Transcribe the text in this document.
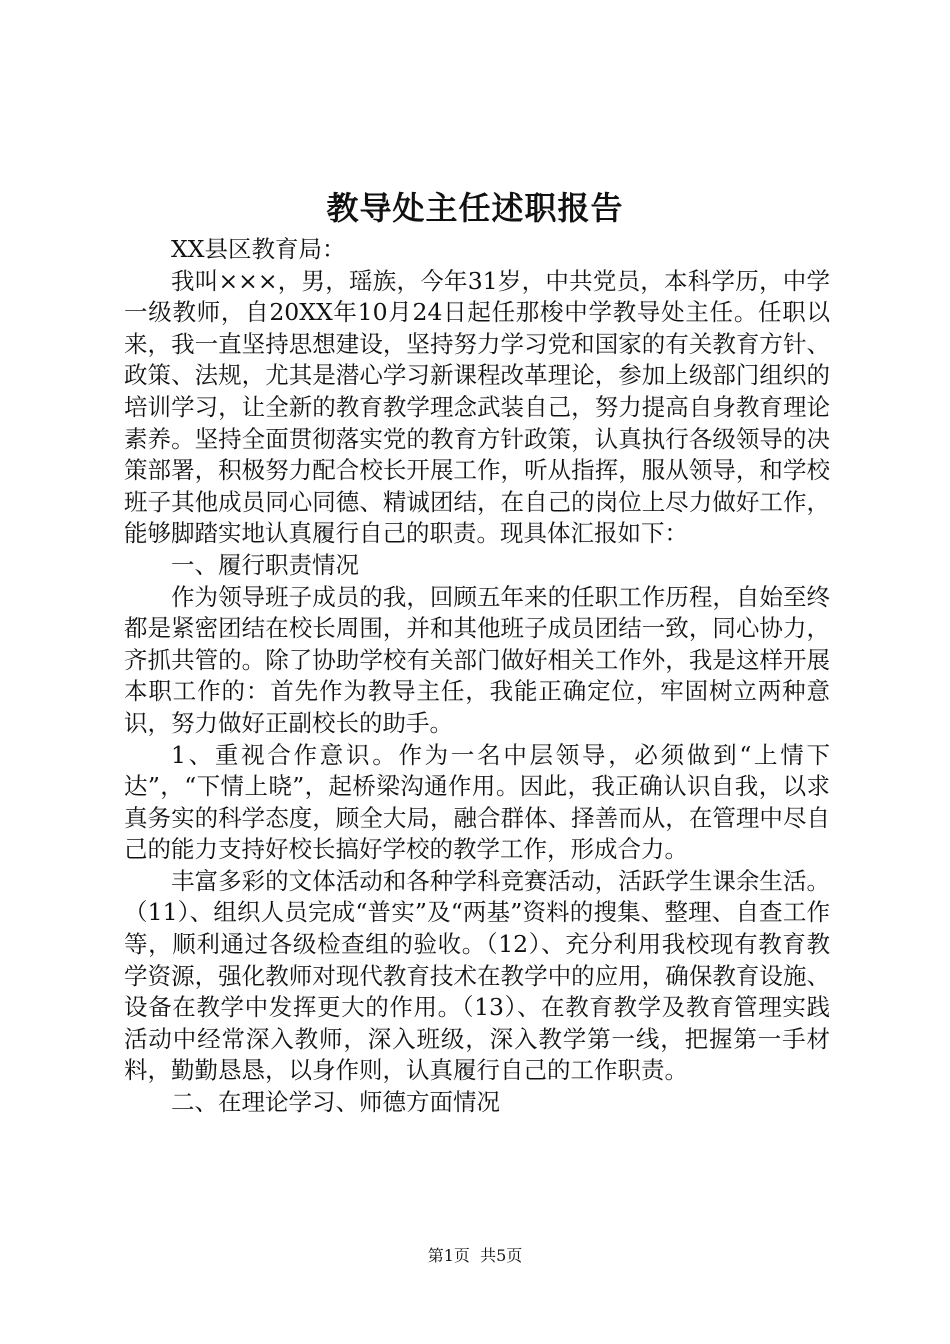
教导处主任述职报告

XX县区教育局：

我叫×××，男，瑶族，今年31岁，中共党员，本科学历，中学一级教师，自20XX年10月24日起任那梭中学教导处主任。任职以来，我一直坚持思想建设，坚持努力学习党和国家的有关教育方针、政策、法规，尤其是潜心学习新课程改革理论，参加上级部门组织的培训学习，让全新的教育教学理念武装自己，努力提高自身教育理论素养。坚持全面贯彻落实党的教育方针政策，认真执行各级领导的决策部署，积极努力配合校长开展工作，听从指挥，服从领导，和学校班子其他成员同心同德、精诚团结，在自己的岗位上尽力做好工作，能够脚踏实地认真履行自己的职责。现具体汇报如下：

一、履行职责情况

作为领导班子成员的我，回顾五年来的任职工作历程，自始至终都是紧密团结在校长周围，并和其他班子成员团结一致，同心协力，齐抓共管的。除了协助学校有关部门做好相关工作外，我是这样开展本职工作的：首先作为教导主任，我能正确定位，牢固树立两种意识，努力做好正副校长的助手。

1、重视合作意识。作为一名中层领导，必须做到“上情下达”，“下情上晓”，起桥梁沟通作用。因此，我正确认识自我，以求真务实的科学态度，顾全大局，融合群体、择善而从，在管理中尽自己的能力支持好校长搞好学校的教学工作，形成合力。

丰富多彩的文体活动和各种学科竞赛活动，活跃学生课余生活。（11）、组织人员完成“普实”及“两基”资料的搜集、整理、自查工作等，顺利通过各级检查组的验收。（12）、充分利用我校现有教育教学资源，强化教师对现代教育技术在教学中的应用，确保教育设施、设备在教学中发挥更大的作用。（13）、在教育教学及教育管理实践活动中经常深入教师，深入班级，深入教学第一线，把握第一手材料，勤勤恳恳，以身作则，认真履行自己的工作职责。

二、在理论学习、师德方面情况

第1页  共5页
